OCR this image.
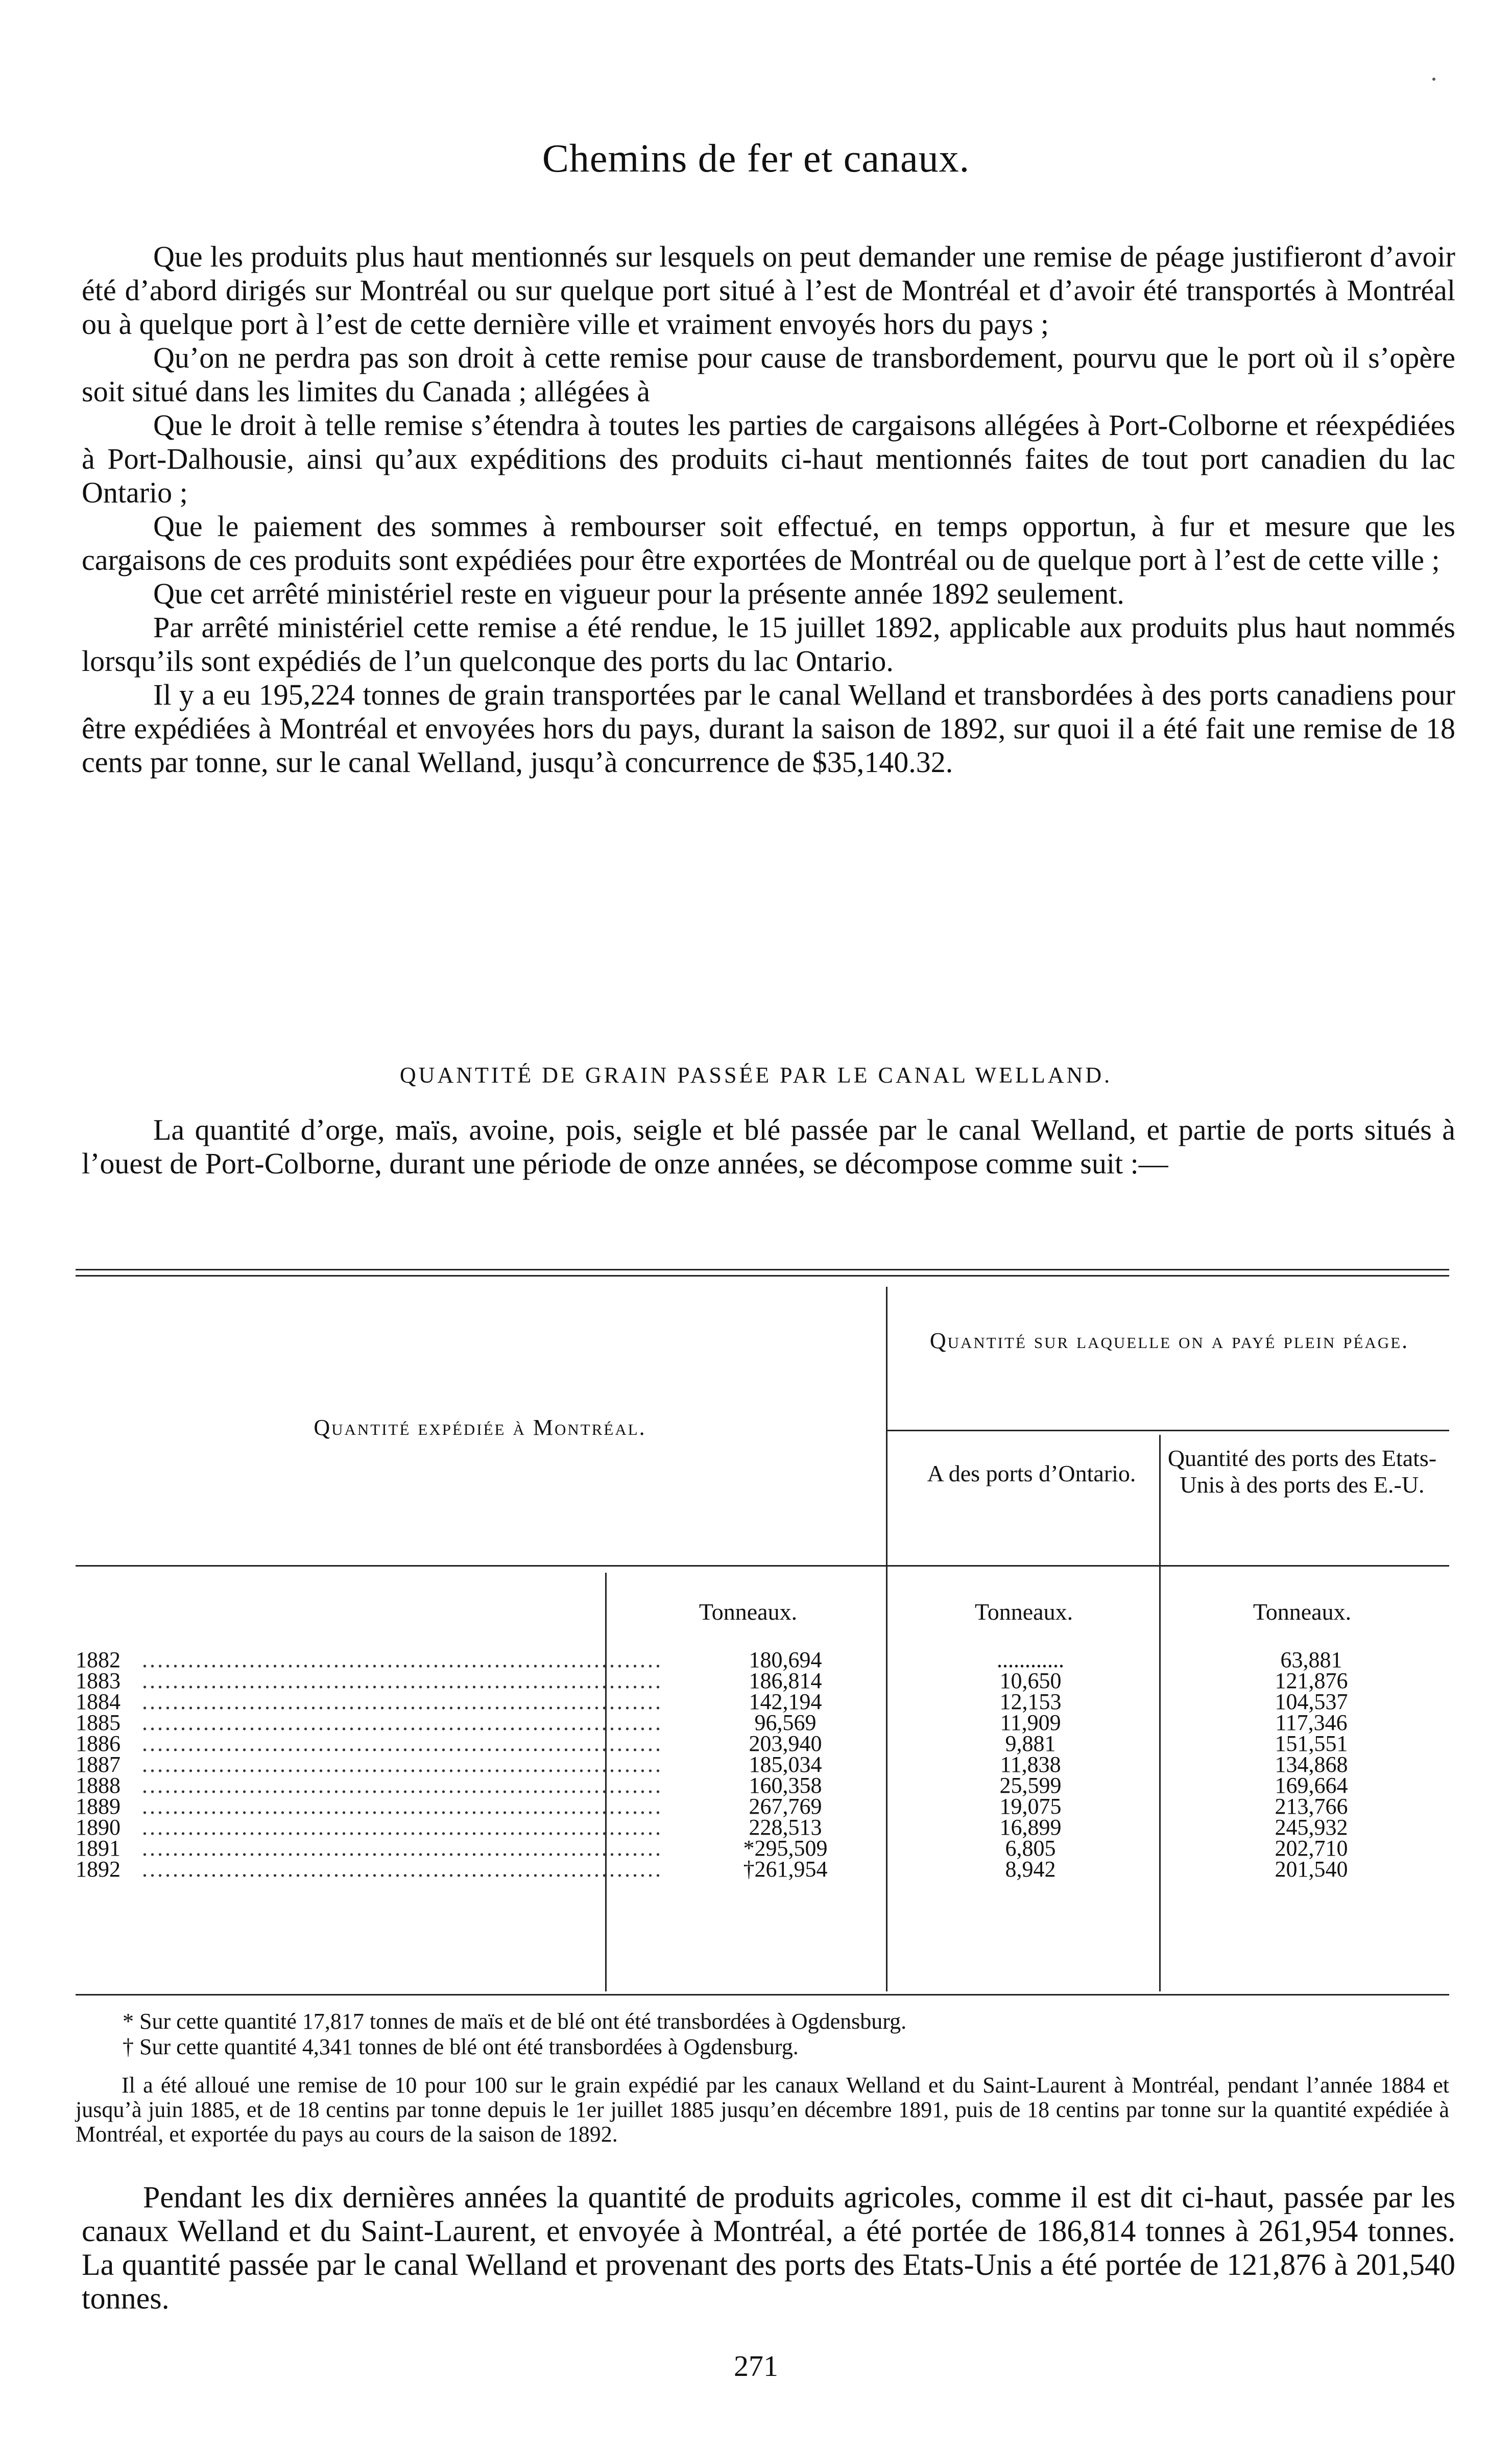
Chemins de fer et canaux.

Que les produits plus haut mentionnés sur lesquels on peut demander une remise de péage justifieront d’avoir été d’abord dirigés sur Montréal ou sur quelque port situé à l’est de Montréal et d’avoir été transportés à Montréal ou à quelque port à l’est de cette dernière ville et vraiment envoyés hors du pays ;

Qu’on ne perdra pas son droit à cette remise pour cause de transbordement, pourvu que le port où il s’opère soit situé dans les limites du Canada ; allégées à

Que le droit à telle remise s’étendra à toutes les parties de cargaisons allégées à Port-Colborne et réexpédiées à Port-Dalhousie, ainsi qu’aux expéditions des produits ci-haut mentionnés faites de tout port canadien du lac Ontario ;

Que le paiement des sommes à rembourser soit effectué, en temps opportun, à fur et mesure que les cargaisons de ces produits sont expédiées pour être exportées de Montréal ou de quelque port à l’est de cette ville ;

Que cet arrêté ministériel reste en vigueur pour la présente année 1892 seulement.

Par arrêté ministériel cette remise a été rendue, le 15 juillet 1892, applicable aux produits plus haut nommés lorsqu’ils sont expédiés de l’un quelconque des ports du lac Ontario.

Il y a eu 195,224 tonnes de grain transportées par le canal Welland et transbordées à des ports canadiens pour être expédiées à Montréal et envoyées hors du pays, durant la saison de 1892, sur quoi il a été fait une remise de 18 cents par tonne, sur le canal Welland, jusqu’à concurrence de $35,140.32.

QUANTITÉ DE GRAIN PASSÉE PAR LE CANAL WELLAND.

La quantité d’orge, maïs, avoine, pois, seigle et blé passée par le canal Welland, et partie de ports situés à l’ouest de Port-Colborne, durant une période de onze années, se décompose comme suit :—

Quantité expédiée à Montréal.
Quantité sur laquelle on a payé plein péage.
A des ports d’Ontario.
Quantité des ports des Etats-Unis à des ports des E.-U.
Tonneaux.	Tonneaux.	Tonneaux.
1882 ....................................................................	180,694	............	63,881
1883 ....................................................................	186,814	10,650	121,876
1884 ....................................................................	142,194	12,153	104,537
1885 ....................................................................	96,569	11,909	117,346
1886 ....................................................................	203,940	9,881	151,551
1887 ....................................................................	185,034	11,838	134,868
1888 ....................................................................	160,358	25,599	169,664
1889 ....................................................................	267,769	19,075	213,766
1890 ....................................................................	228,513	16,899	245,932
1891 ....................................................................	*295,509	6,805	202,710
1892 ....................................................................	†261,954	8,942	201,540
* Sur cette quantité 17,817 tonnes de maïs et de blé ont été transbordées à Ogdensburg.
† Sur cette quantité 4,341 tonnes de blé ont été transbordées à Ogdensburg.

Il a été alloué une remise de 10 pour 100 sur le grain expédié par les canaux Welland et du Saint-Laurent à Montréal, pendant l’année 1884 et jusqu’à juin 1885, et de 18 centins par tonne depuis le 1er juillet 1885 jusqu’en décembre 1891, puis de 18 centins par tonne sur la quantité expédiée à Montréal, et exportée du pays au cours de la saison de 1892.

Pendant les dix dernières années la quantité de produits agricoles, comme il est dit ci-haut, passée par les canaux Welland et du Saint-Laurent, et envoyée à Montréal, a été portée de 186,814 tonnes à 261,954 tonnes. La quantité passée par le canal Welland et provenant des ports des Etats-Unis a été portée de 121,876 à 201,540 tonnes.

271
